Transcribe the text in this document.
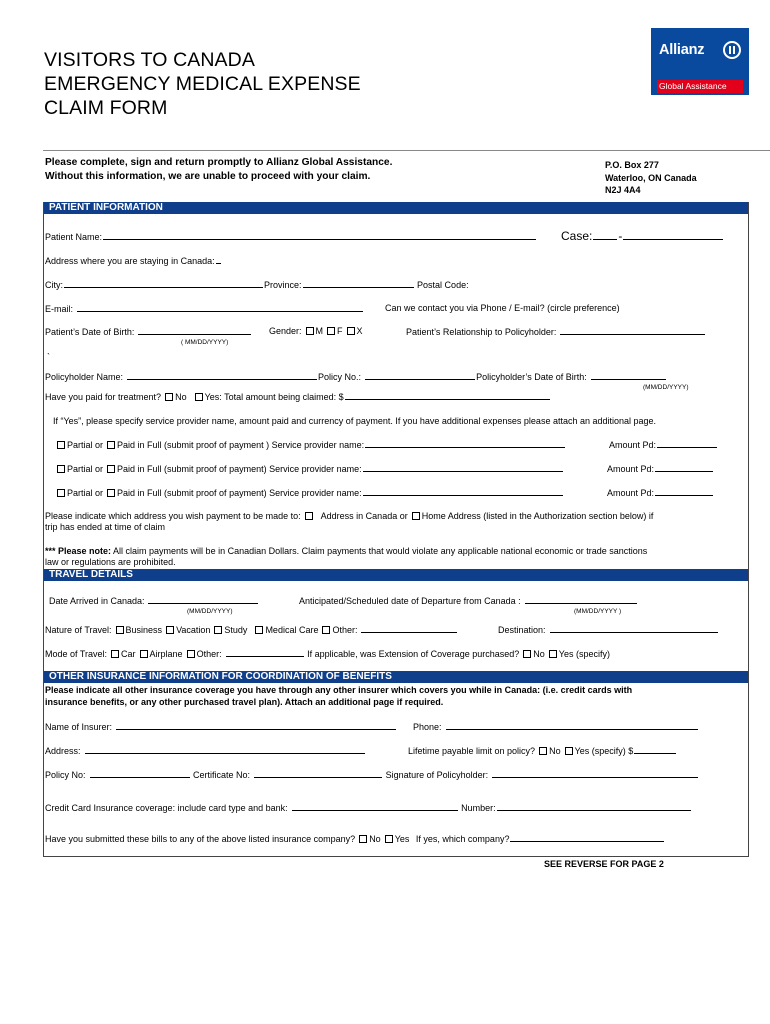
VISITORS TO CANADA
EMERGENCY MEDICAL EXPENSE
CLAIM FORM
Allianz
Global Assistance
Please complete, sign and return promptly to Allianz Global Assistance.
Without this information, we are unable to proceed with your claim.
P.O. Box 277
Waterloo, ON Canada
N2J 4A4
PATIENT INFORMATION
Patient Name:	Case: -
Address where you are staying in Canada:
City:	Province:	Postal Code:
E-mail:	Can we contact you via Phone / E-mail? (circle preference)
Patient’s Date of Birth:
( MM/DD/YYYY)
Gender: M F X	Patient’s Relationship to Policyholder:
`
Policyholder Name:	Policy No.:	Policyholder’s Date of Birth:
(MM/DD/YYYY)
Have you paid for treatment? No Yes: Total amount being claimed: $
If “Yes”, please specify service provider name, amount paid and currency of payment. If you have additional expenses please attach an additional page.
Partial or Paid in Full (submit proof of payment ) Service provider name:	Amount Pd:
Partial or Paid in Full (submit proof of payment) Service provider name:	Amount Pd:
Partial or Paid in Full (submit proof of payment) Service provider name:	Amount Pd:
Please indicate which address you wish payment to be made to: Address in Canada or Home Address (listed in the Authorization section below) if
trip has ended at time of claim
*** Please note: All claim payments will be in Canadian Dollars. Claim payments that would violate any applicable national economic or trade sanctions
law or regulations are prohibited.
TRAVEL DETAILS
Date Arrived in Canada:
(MM/DD/YYYY)
Anticipated/Scheduled date of Departure from Canada :
(MM/DD/YYYY )
Nature of Travel: Business Vacation Study Medical Care Other:	Destination:
Mode of Travel: Car Airplane Other:	If applicable, was Extension of Coverage purchased? No Yes (specify)
OTHER INSURANCE INFORMATION FOR COORDINATION OF BENEFITS
Please indicate all other insurance coverage you have through any other insurer which covers you while in Canada: (i.e. credit cards with
insurance benefits, or any other purchased travel plan). Attach an additional page if required.
Name of Insurer:	Phone:
Address:	Lifetime payable limit on policy? No Yes (specify) $
Policy No:	Certificate No:	Signature of Policyholder:
Credit Card Insurance coverage: include card type and bank:	Number:
Have you submitted these bills to any of the above listed insurance company? No Yes If yes, which company?
SEE REVERSE FOR PAGE 2
